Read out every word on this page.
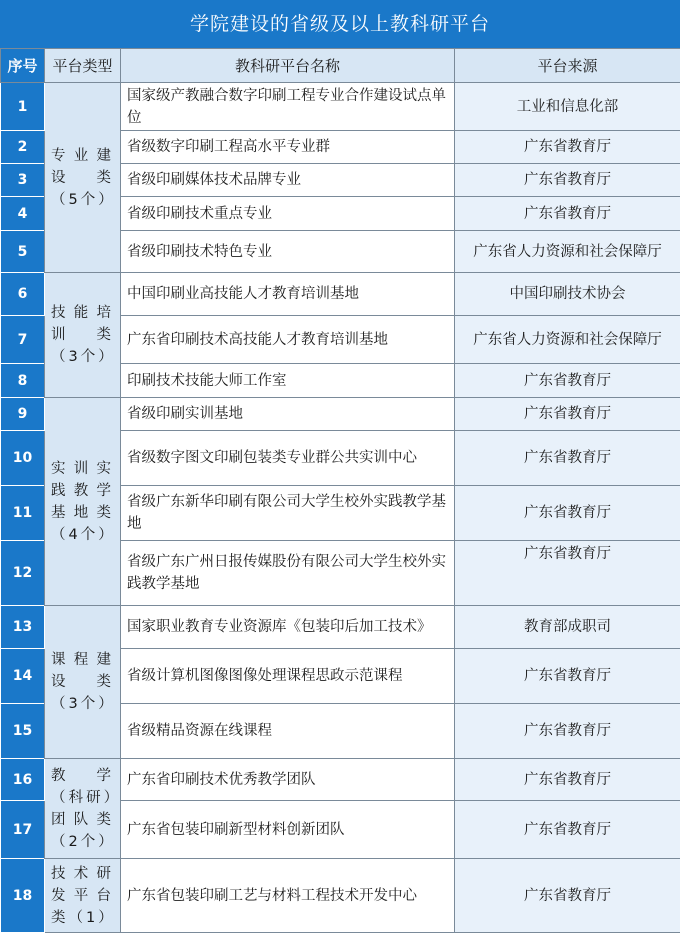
学院建设的省级及以上教科研平台
序号	平台类型	教科研平台名称	平台来源
1	专业建设类（5个）	国家级产教融合数字印刷工程专业合作建设试点单位	工业和信息化部
2		省级数字印刷工程高水平专业群	广东省教育厅
3		省级印刷媒体技术品牌专业	广东省教育厅
4		省级印刷技术重点专业	广东省教育厅
5		省级印刷技术特色专业	广东省人力资源和社会保障厅
6	技能培训类（3个）	中国印刷业高技能人才教育培训基地	中国印刷技术协会
7		广东省印刷技术高技能人才教育培训基地	广东省人力资源和社会保障厅
8		印刷技术技能大师工作室	广东省教育厅
9	实训实践教学基地类（4个）	省级印刷实训基地	广东省教育厅
10		省级数字图文印刷包装类专业群公共实训中心	广东省教育厅
11		省级广东新华印刷有限公司大学生校外实践教学基地	广东省教育厅
12		省级广东广州日报传媒股份有限公司大学生校外实践教学基地	广东省教育厅
13	课程建设类（3个）	国家职业教育专业资源库《包装印后加工技术》	教育部成职司
14		省级计算机图像图像处理课程思政示范课程	广东省教育厅
15		省级精品资源在线课程	广东省教育厅
16	教学（科研）团队类（2个）	广东省印刷技术优秀教学团队	广东省教育厅
17		广东省包装印刷新型材料创新团队	广东省教育厅
18	技术研发平台类（1）	广东省包装印刷工艺与材料工程技术开发中心	广东省教育厅
